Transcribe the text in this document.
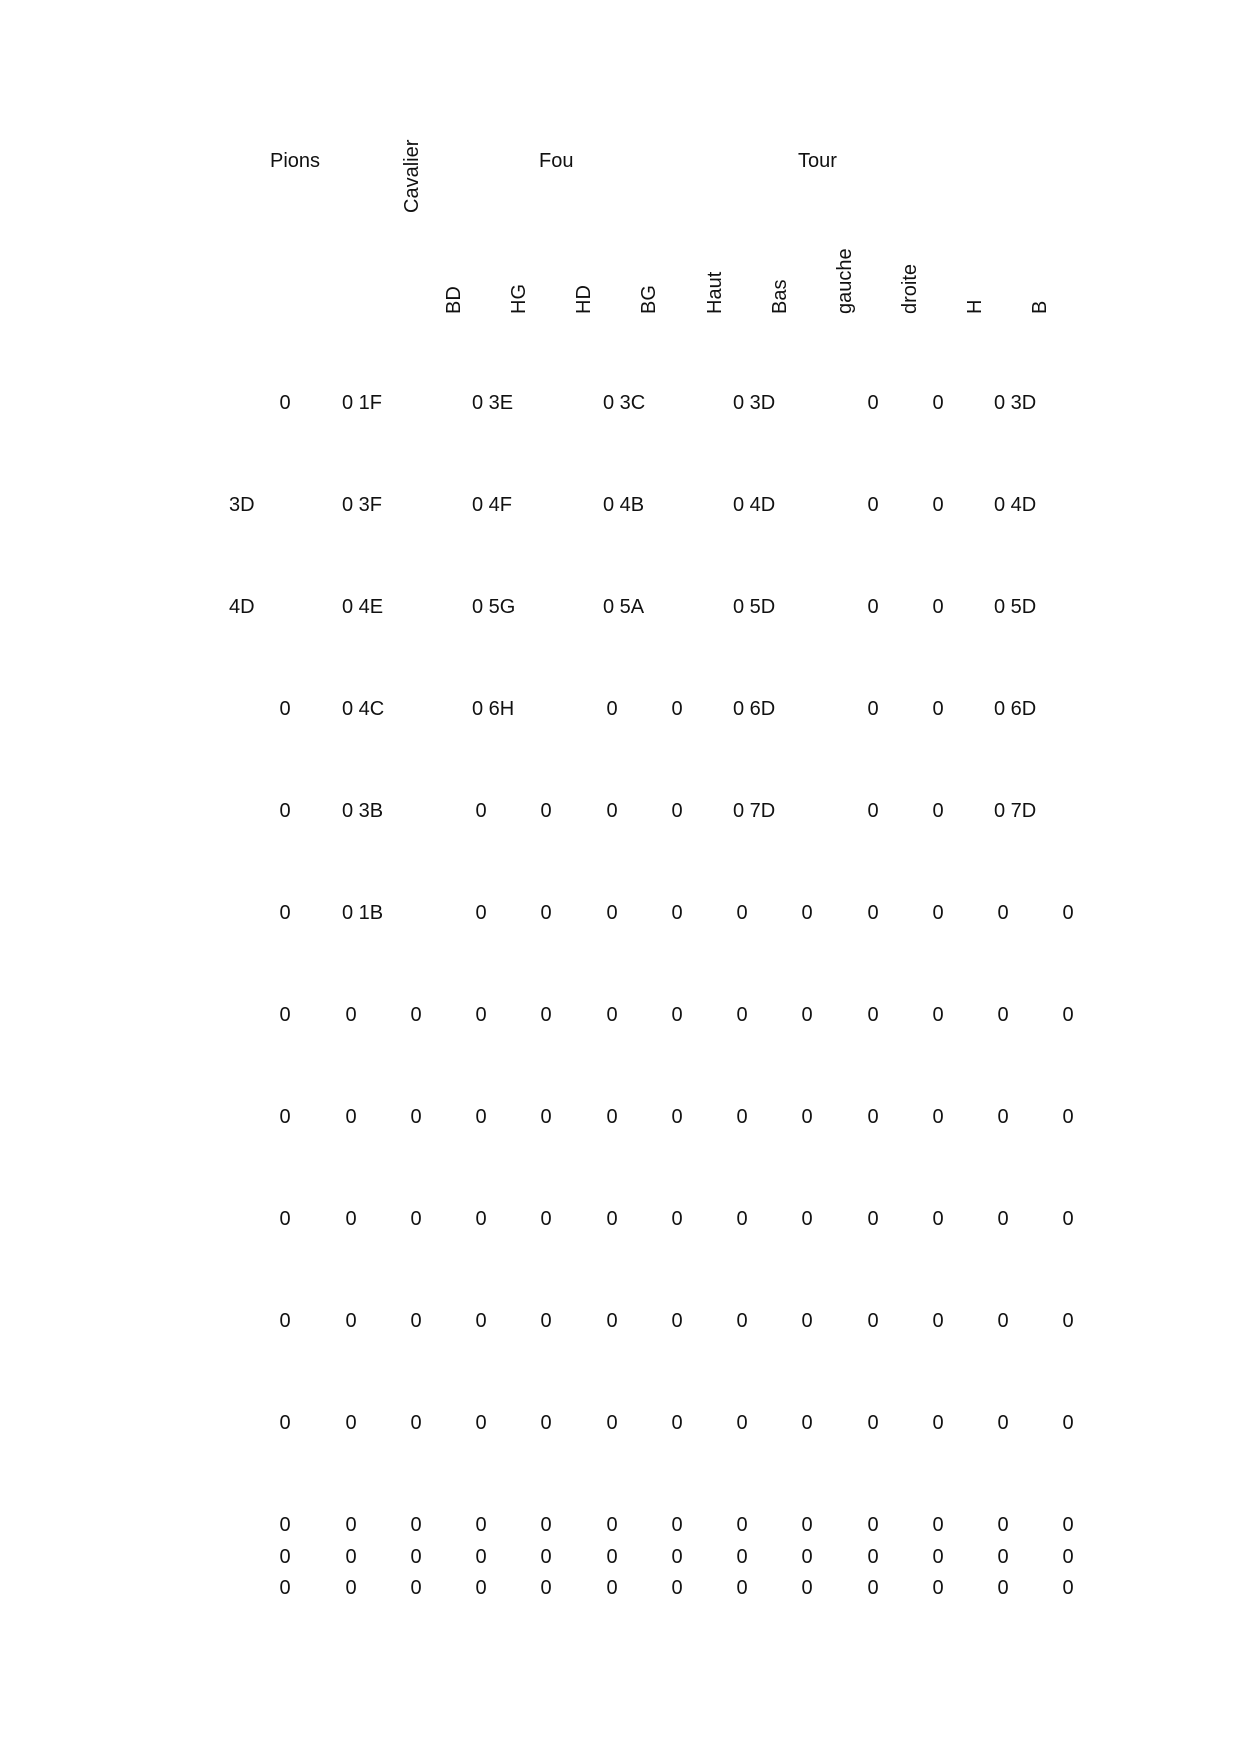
Pions	Cavalier	Fou	Tour
BD HG HD BG Haut Bas gauche droite H B
0	0 1F	0 3E	0 3C	0 3D	0	0	0 3D
3D	0 3F	0 4F	0 4B	0 4D	0	0	0 4D
4D	0 4E	0 5G	0 5A	0 5D	0	0	0 5D
0	0 4C	0 6H	0	0	0 6D	0	0	0 6D
0	0 3B	0	0	0	0	0 7D	0	0	0 7D
0	0 1B	0	0	0	0	0	0	0	0	0	0
0	0	0	0	0	0	0	0	0	0	0	0	0
0	0	0	0	0	0	0	0	0	0	0	0	0
0	0	0	0	0	0	0	0	0	0	0	0	0
0	0	0	0	0	0	0	0	0	0	0	0	0
0	0	0	0	0	0	0	0	0	0	0	0	0
0	0	0	0	0	0	0	0	0	0	0	0	0
0	0	0	0	0	0	0	0	0	0	0	0	0
0	0	0	0	0	0	0	0	0	0	0	0	0
